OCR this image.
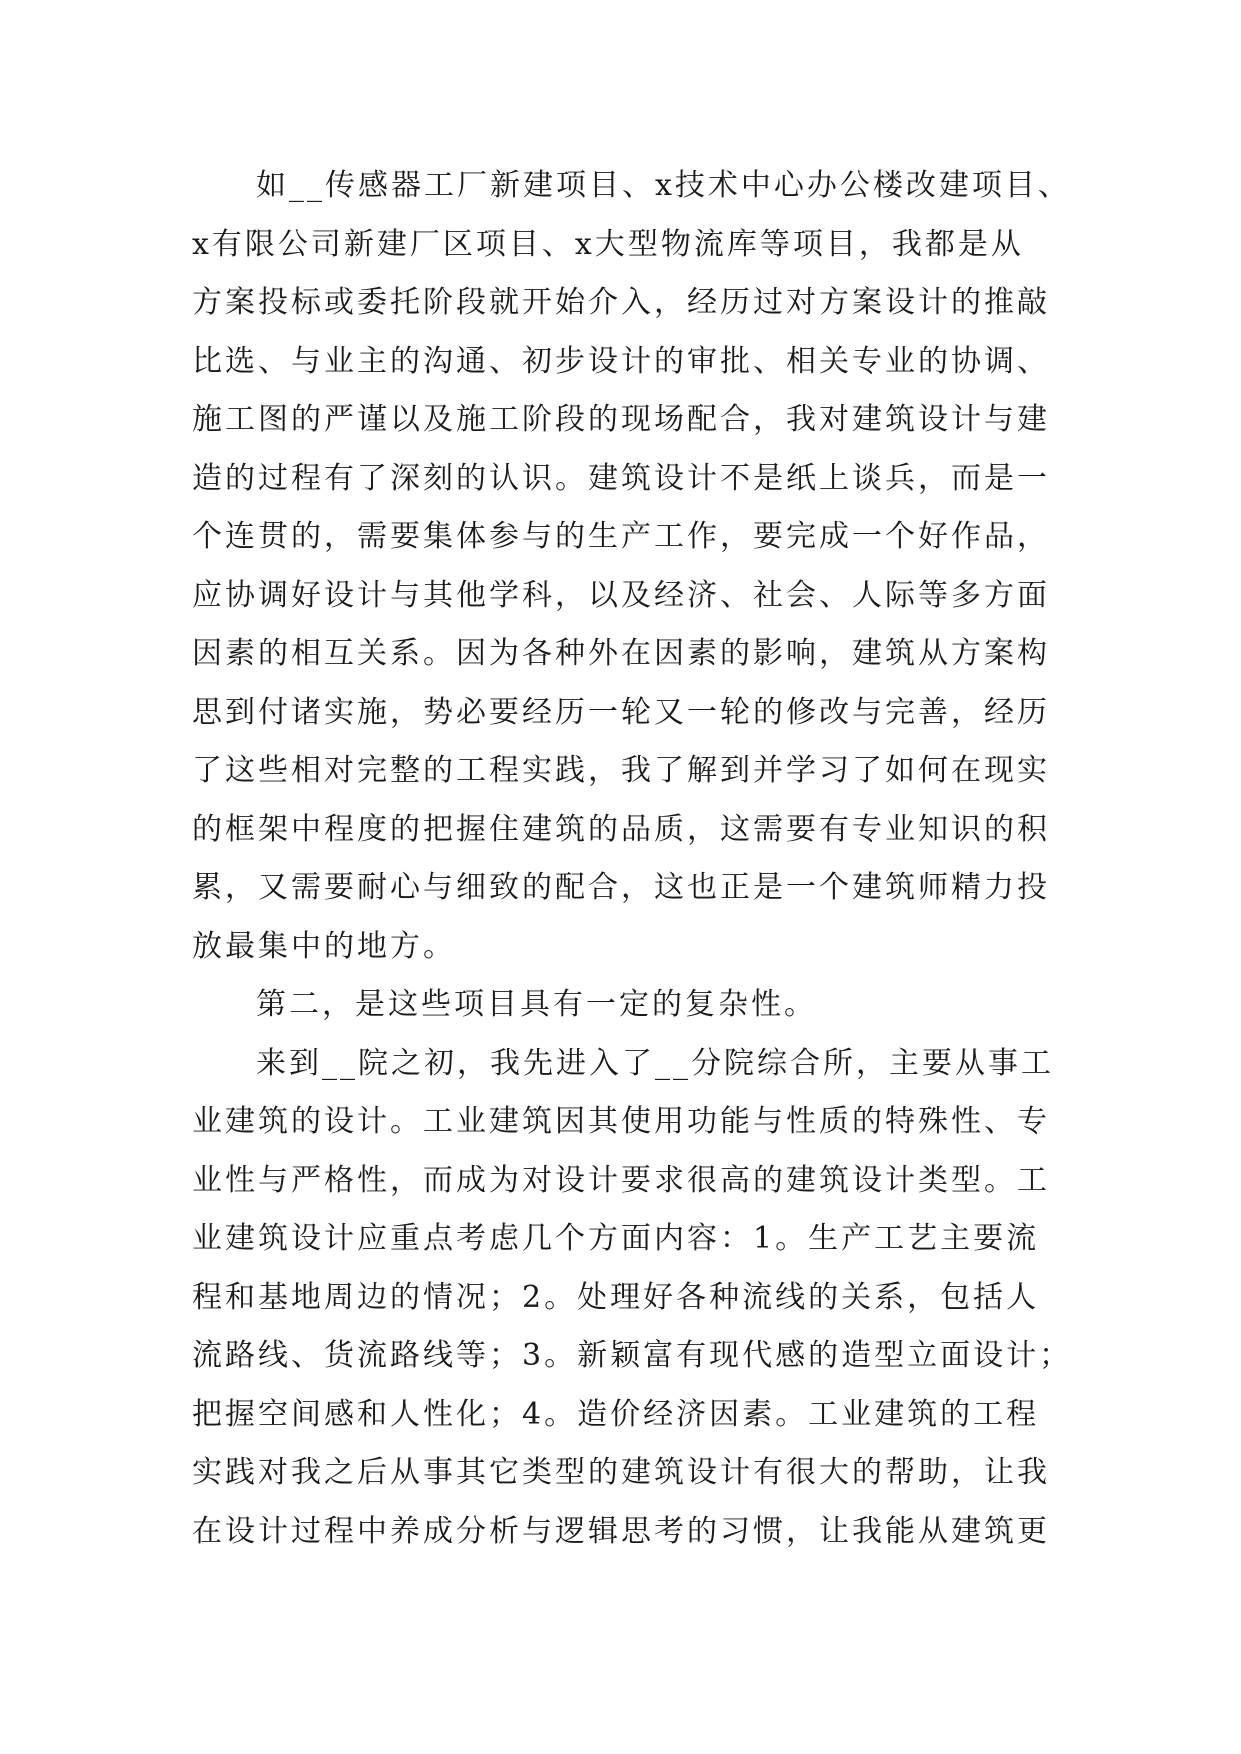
如__传感器工厂新建项目、x技术中心办公楼改建项目、
x有限公司新建厂区项目、x大型物流库等项目，我都是从
方案投标或委托阶段就开始介入，经历过对方案设计的推敲
比选、与业主的沟通、初步设计的审批、相关专业的协调、
施工图的严谨以及施工阶段的现场配合，我对建筑设计与建
造的过程有了深刻的认识。建筑设计不是纸上谈兵，而是一
个连贯的，需要集体参与的生产工作，要完成一个好作品，
应协调好设计与其他学科，以及经济、社会、人际等多方面
因素的相互关系。因为各种外在因素的影响，建筑从方案构
思到付诸实施，势必要经历一轮又一轮的修改与完善，经历
了这些相对完整的工程实践，我了解到并学习了如何在现实
的框架中程度的把握住建筑的品质，这需要有专业知识的积
累，又需要耐心与细致的配合，这也正是一个建筑师精力投
放最集中的地方。
第二，是这些项目具有一定的复杂性。
来到__院之初，我先进入了__分院综合所，主要从事工
业建筑的设计。工业建筑因其使用功能与性质的特殊性、专
业性与严格性，而成为对设计要求很高的建筑设计类型。工
业建筑设计应重点考虑几个方面内容：1。生产工艺主要流
程和基地周边的情况；2。处理好各种流线的关系，包括人
流路线、货流路线等；3。新颖富有现代感的造型立面设计；
把握空间感和人性化；4。造价经济因素。工业建筑的工程
实践对我之后从事其它类型的建筑设计有很大的帮助，让我
在设计过程中养成分析与逻辑思考的习惯，让我能从建筑更
